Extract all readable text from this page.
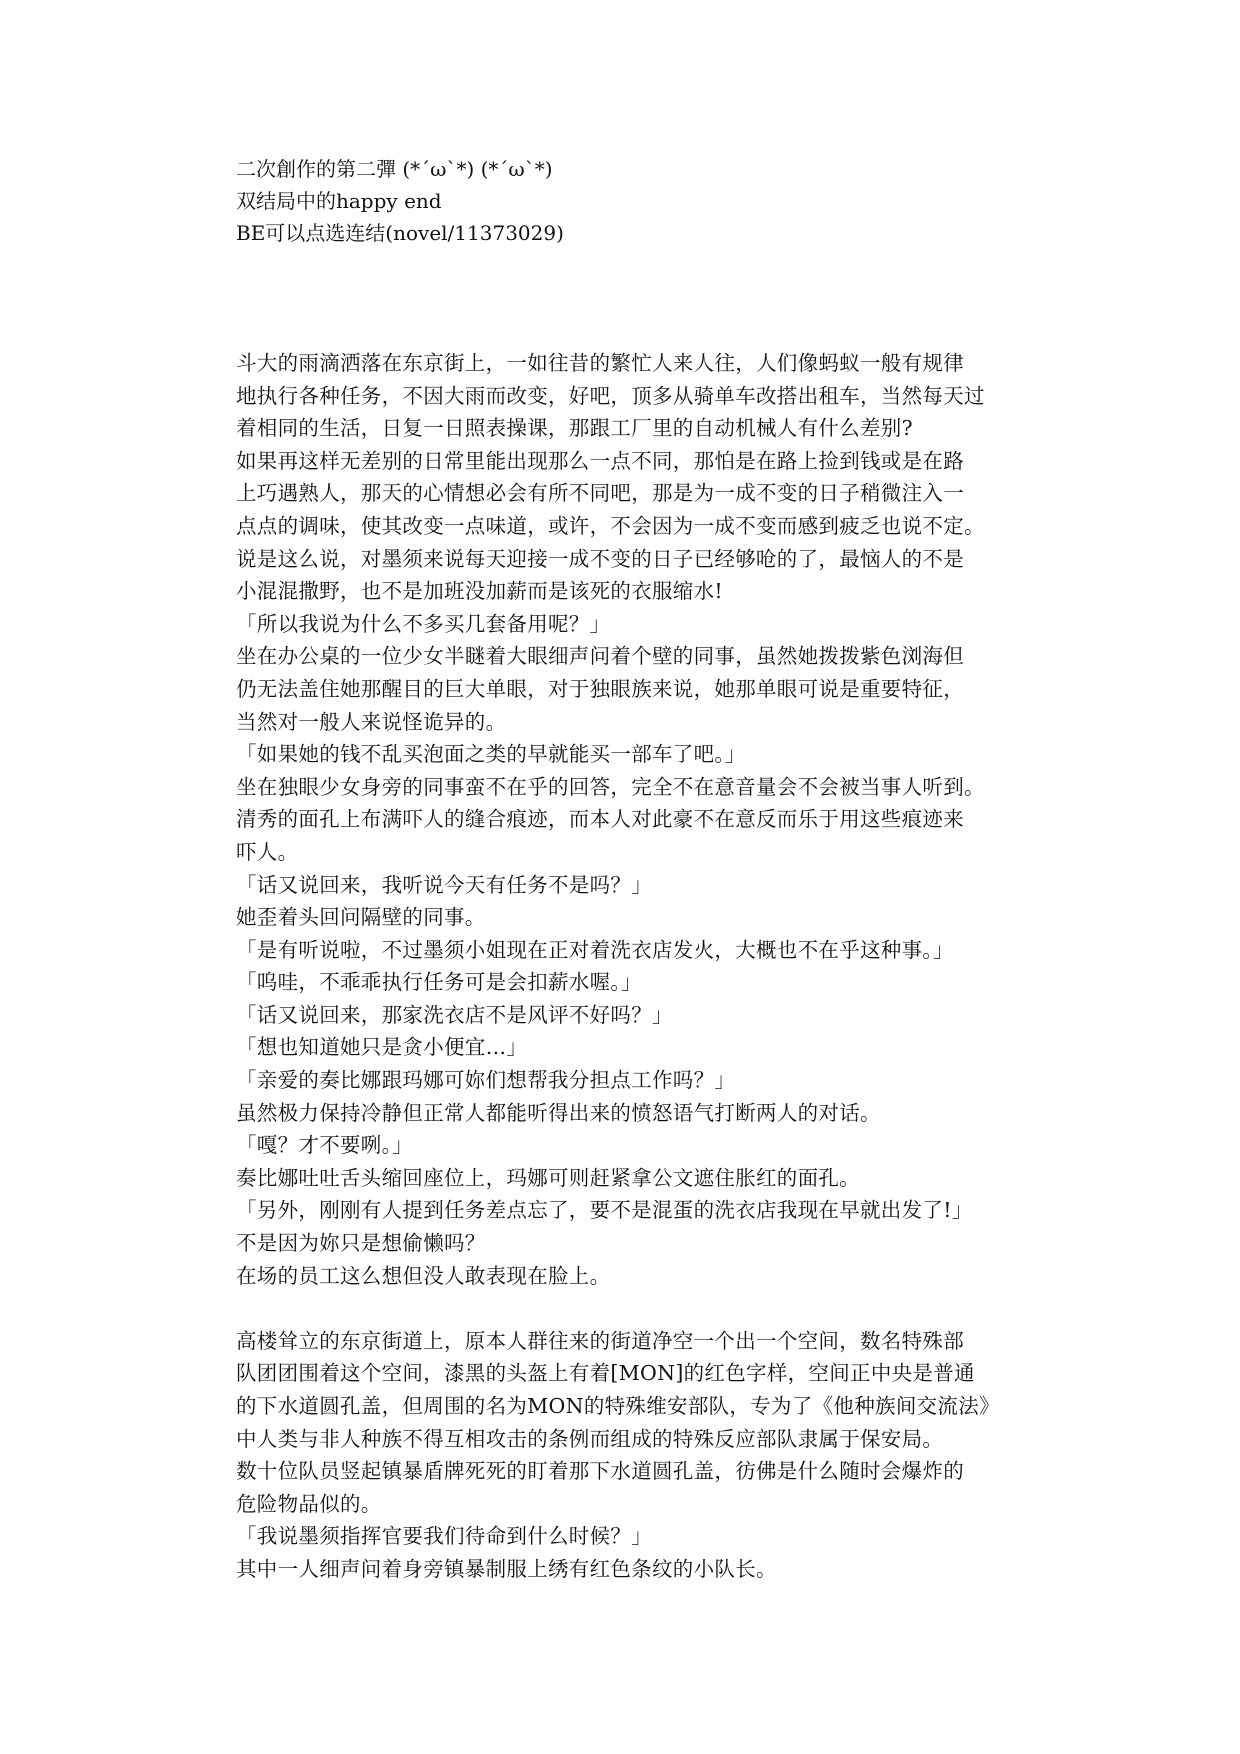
二次創作的第二彈 (*´ω`*) (*´ω`*)
双结局中的happy end
BE可以点选连结(novel/11373029)
斗大的雨滴洒落在东京街上，一如往昔的繁忙人来人往，人们像蚂蚁一般有规律
地执行各种任务，不因大雨而改变，好吧，顶多从骑单车改搭出租车，当然每天过
着相同的生活，日复一日照表操课，那跟工厂里的自动机械人有什么差别?
如果再这样无差别的日常里能出现那么一点不同，那怕是在路上捡到钱或是在路
上巧遇熟人，那天的心情想必会有所不同吧，那是为一成不变的日子稍微注入一
点点的调味，使其改变一点味道，或许，不会因为一成不变而感到疲乏也说不定。
说是这么说，对墨须来说每天迎接一成不变的日子已经够呛的了，最恼人的不是
小混混撒野，也不是加班没加薪而是该死的衣服缩水!
「所以我说为什么不多买几套备用呢？」
坐在办公桌的一位少女半瞇着大眼细声问着个壁的同事，虽然她拨拨紫色浏海但
仍无法盖住她那醒目的巨大单眼，对于独眼族来说，她那单眼可说是重要特征，
当然对一般人来说怪诡异的。
「如果她的钱不乱买泡面之类的早就能买一部车了吧。」
坐在独眼少女身旁的同事蛮不在乎的回答，完全不在意音量会不会被当事人听到。
清秀的面孔上布满吓人的缝合痕迹，而本人对此豪不在意反而乐于用这些痕迹来
吓人。
「话又说回来，我听说今天有任务不是吗？」
她歪着头回问隔壁的同事。
「是有听说啦，不过墨须小姐现在正对着洗衣店发火，大概也不在乎这种事。」
「呜哇，不乖乖执行任务可是会扣薪水喔。」
「话又说回来，那家洗衣店不是风评不好吗？」
「想也知道她只是贪小便宜…」
「亲爱的奏比娜跟玛娜可妳们想帮我分担点工作吗？」
虽然极力保持冷静但正常人都能听得出来的愤怒语气打断两人的对话。
「嘎？才不要咧。」
奏比娜吐吐舌头缩回座位上，玛娜可则赶紧拿公文遮住胀红的面孔。
「另外，刚刚有人提到任务差点忘了，要不是混蛋的洗衣店我现在早就出发了!」
不是因为妳只是想偷懒吗？
在场的员工这么想但没人敢表现在脸上。
高楼耸立的东京街道上，原本人群往来的街道净空一个出一个空间，数名特殊部
队团团围着这个空间，漆黑的头盔上有着[MON]的红色字样，空间正中央是普通
的下水道圆孔盖，但周围的名为MON的特殊维安部队，专为了《他种族间交流法》
中人类与非人种族不得互相攻击的条例而组成的特殊反应部队隶属于保安局。
数十位队员竖起镇暴盾牌死死的盯着那下水道圆孔盖，彷佛是什么随时会爆炸的
危险物品似的。
「我说墨须指挥官要我们待命到什么时候？」
其中一人细声问着身旁镇暴制服上绣有红色条纹的小队长。
